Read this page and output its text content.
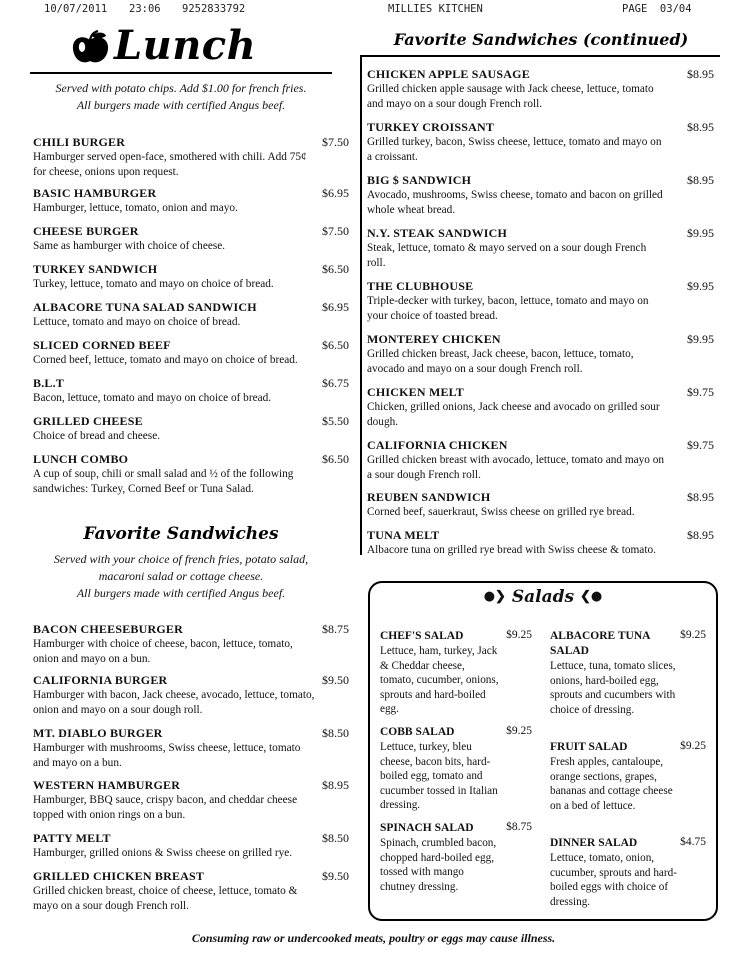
10/07/2011 23:06 9252833792	MILLIES KITCHEN	PAGE  03/04
Lunch
Served with potato chips. Add $1.00 for french fries.
All burgers made with certified Angus beef.
CHILI BURGER	$7.50
Hamburger served open-face, smothered with chili. Add 75¢ for cheese, onions upon request.
BASIC HAMBURGER	$6.95
Hamburger, lettuce, tomato, onion and mayo.
CHEESE BURGER	$7.50
Same as hamburger with choice of cheese.
TURKEY SANDWICH	$6.50
Turkey, lettuce, tomato and mayo on choice of bread.
ALBACORE TUNA SALAD SANDWICH	$6.95
Lettuce, tomato and mayo on choice of bread.
SLICED CORNED BEEF	$6.50
Corned beef, lettuce, tomato and mayo on choice of bread.
B.L.T	$6.75
Bacon, lettuce, tomato and mayo on choice of bread.
GRILLED CHEESE	$5.50
Choice of bread and cheese.
LUNCH COMBO	$6.50
A cup of soup, chili or small salad and ½ of the following sandwiches: Turkey, Corned Beef or Tuna Salad.
Favorite Sandwiches
Served with your choice of french fries, potato salad,
macaroni salad or cottage cheese.
All burgers made with certified Angus beef.
BACON CHEESEBURGER	$8.75
Hamburger with choice of cheese, bacon, lettuce, tomato, onion and mayo on a bun.
CALIFORNIA BURGER	$9.50
Hamburger with bacon, Jack cheese, avocado, lettuce, tomato, onion and mayo on a sour dough roll.
MT. DIABLO BURGER	$8.50
Hamburger with mushrooms, Swiss cheese, lettuce, tomato and mayo on a bun.
WESTERN HAMBURGER	$8.95
Hamburger, BBQ sauce, crispy bacon, and cheddar cheese topped with onion rings on a bun.
PATTY MELT	$8.50
Hamburger, grilled onions & Swiss cheese on grilled rye.
GRILLED CHICKEN BREAST	$9.50
Grilled chicken breast, choice of cheese, lettuce, tomato & mayo on a sour dough French roll.
Favorite Sandwiches (continued)
CHICKEN APPLE SAUSAGE	$8.95
Grilled chicken apple sausage with Jack cheese, lettuce, tomato and mayo on a sour dough French roll.
TURKEY CROISSANT	$8.95
Grilled turkey, bacon, Swiss cheese, lettuce, tomato and mayo on a croissant.
BIG $ SANDWICH	$8.95
Avocado, mushrooms, Swiss cheese, tomato and bacon on grilled whole wheat bread.
N.Y. STEAK SANDWICH	$9.95
Steak, lettuce, tomato & mayo served on a sour dough French roll.
THE CLUBHOUSE	$9.95
Triple-decker with turkey, bacon, lettuce, tomato and mayo on your choice of toasted bread.
MONTEREY CHICKEN	$9.95
Grilled chicken breast, Jack cheese, bacon, lettuce, tomato, avocado and mayo on a sour dough French roll.
CHICKEN MELT	$9.75
Chicken, grilled onions, Jack cheese and avocado on grilled sour dough.
CALIFORNIA CHICKEN	$9.75
Grilled chicken breast with avocado, lettuce, tomato and mayo on a sour dough French roll.
REUBEN SANDWICH	$8.95
Corned beef, sauerkraut, Swiss cheese on grilled rye bread.
TUNA MELT	$8.95
Albacore tuna on grilled rye bread with Swiss cheese & tomato.
●❯ Salads ❮●
CHEF'S SALAD	$9.25
Lettuce, ham, turkey, Jack & Cheddar cheese, tomato, cucumber, onions, sprouts and hard-boiled egg.
COBB SALAD	$9.25
Lettuce, turkey, bleu cheese, bacon bits, hard-boiled egg, tomato and cucumber tossed in Italian dressing.
SPINACH SALAD	$8.75
Spinach, crumbled bacon, chopped hard-boiled egg, tossed with mango chutney dressing.
ALBACORE TUNA SALAD
$9.25
Lettuce, tuna, tomato slices, onions, hard-boiled egg, sprouts and cucumbers with choice of dressing.
FRUIT SALAD	$9.25
Fresh apples, cantaloupe, orange sections, grapes, bananas and cottage cheese on a bed of lettuce.
DINNER SALAD	$4.75
Lettuce, tomato, onion, cucumber, sprouts and hard-boiled eggs with choice of dressing.
Consuming raw or undercooked meats, poultry or eggs may cause illness.
